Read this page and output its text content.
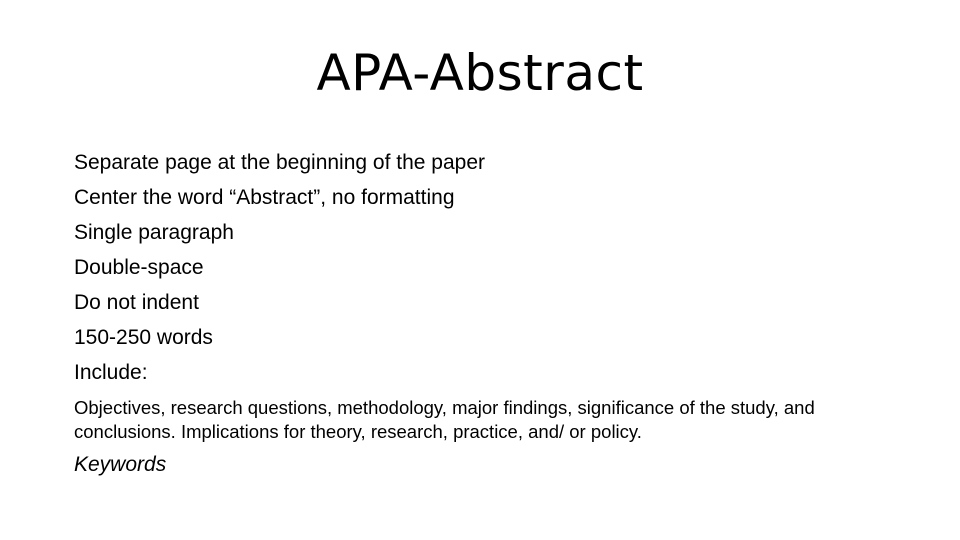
APA-Abstract
Separate page at the beginning of the paper
Center the word “Abstract”, no formatting
Single paragraph
Double-space
Do not indent
150-250 words
Include:
Objectives, research questions, methodology, major findings, significance of the study, and conclusions. Implications for theory, research, practice, and/ or policy.
Keywords
